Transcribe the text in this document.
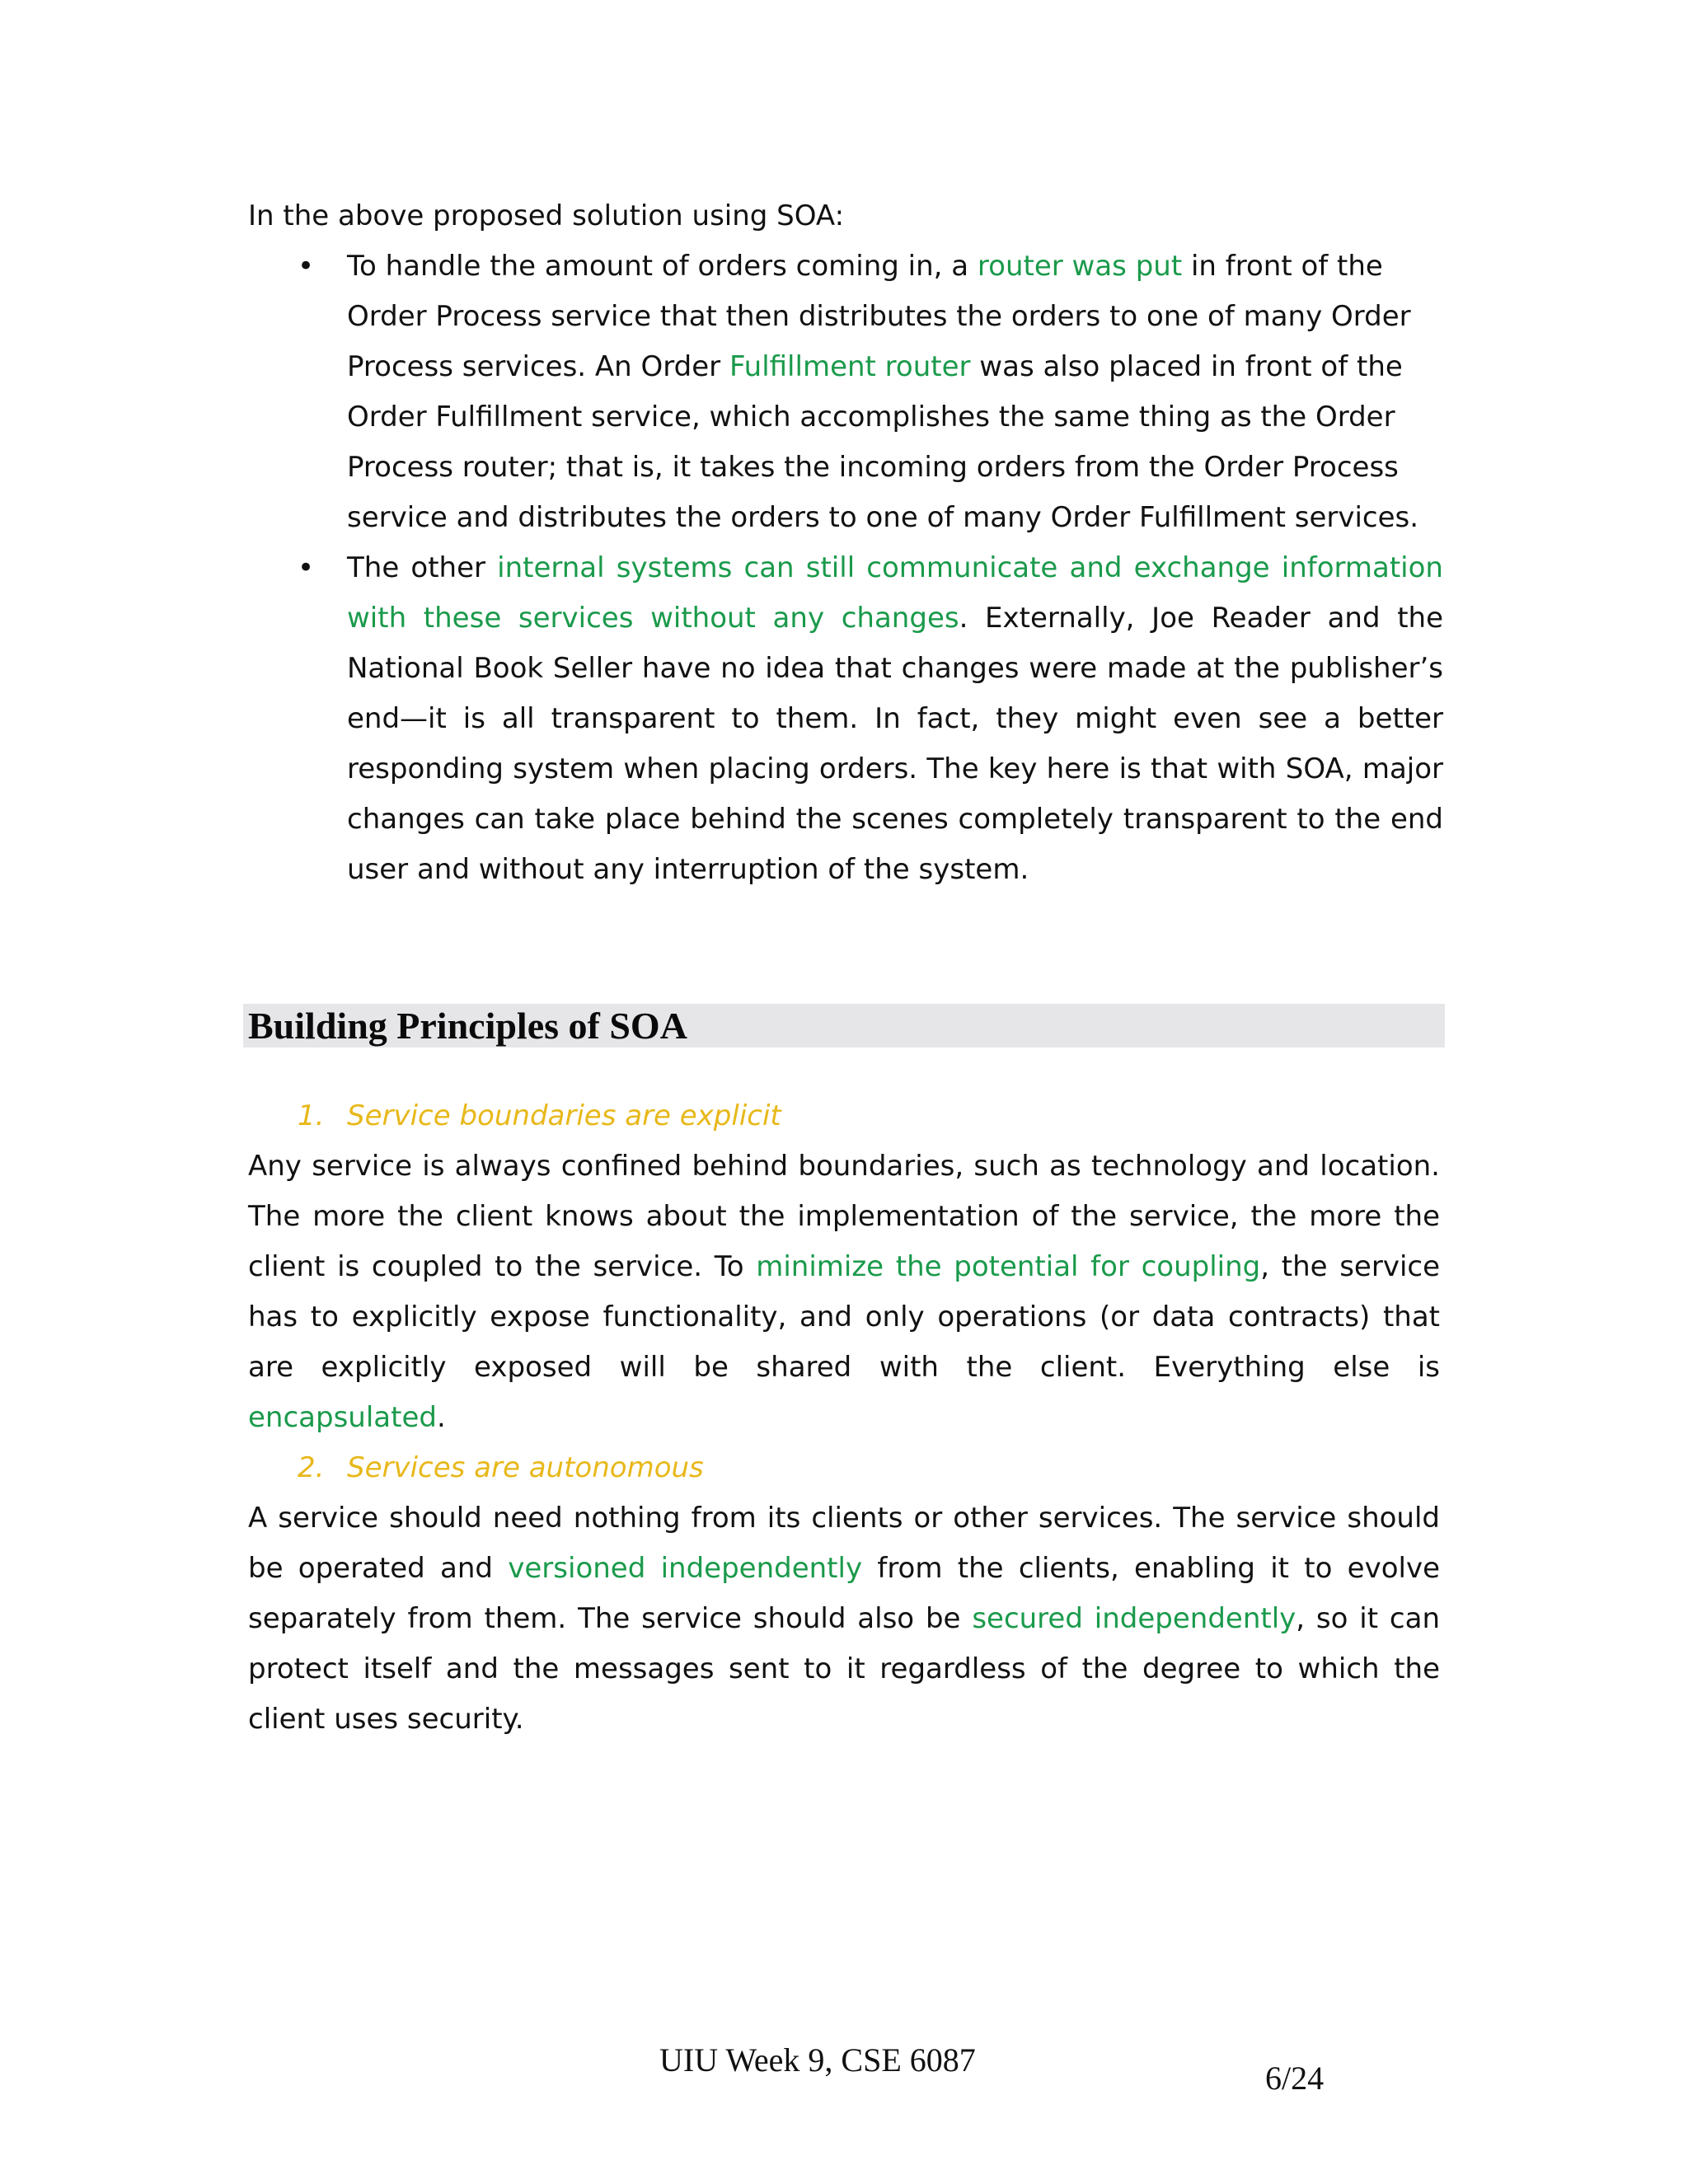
In the above proposed solution using SOA:

• To handle the amount of orders coming in, a router was put in front of the Order Process service that then distributes the orders to one of many Order Process services. An Order Fulfillment router was also placed in front of the Order Fulfillment service, which accomplishes the same thing as the Order Process router; that is, it takes the incoming orders from the Order Process service and distributes the orders to one of many Order Fulfillment services.
• The other internal systems can still communicate and exchange information with these services without any changes. Externally, Joe Reader and the National Book Seller have no idea that changes were made at the publisher’s end—it is all transparent to them. In fact, they might even see a better responding system when placing orders. The key here is that with SOA, major changes can take place behind the scenes completely transparent to the end user and without any interruption of the system.
Building Principles of SOA

1. Service boundaries are explicit

Any service is always confined behind boundaries, such as technology and location. The more the client knows about the implementation of the service, the more the client is coupled to the service. To minimize the potential for coupling, the service has to explicitly expose functionality, and only operations (or data contracts) that are explicitly exposed will be shared with the client. Everything else is encapsulated.

2. Services are autonomous

A service should need nothing from its clients or other services. The service should be operated and versioned independently from the clients, enabling it to evolve separately from them. The service should also be secured independently, so it can protect itself and the messages sent to it regardless of the degree to which the client uses security.

UIU Week 9, CSE 6087	6/24
